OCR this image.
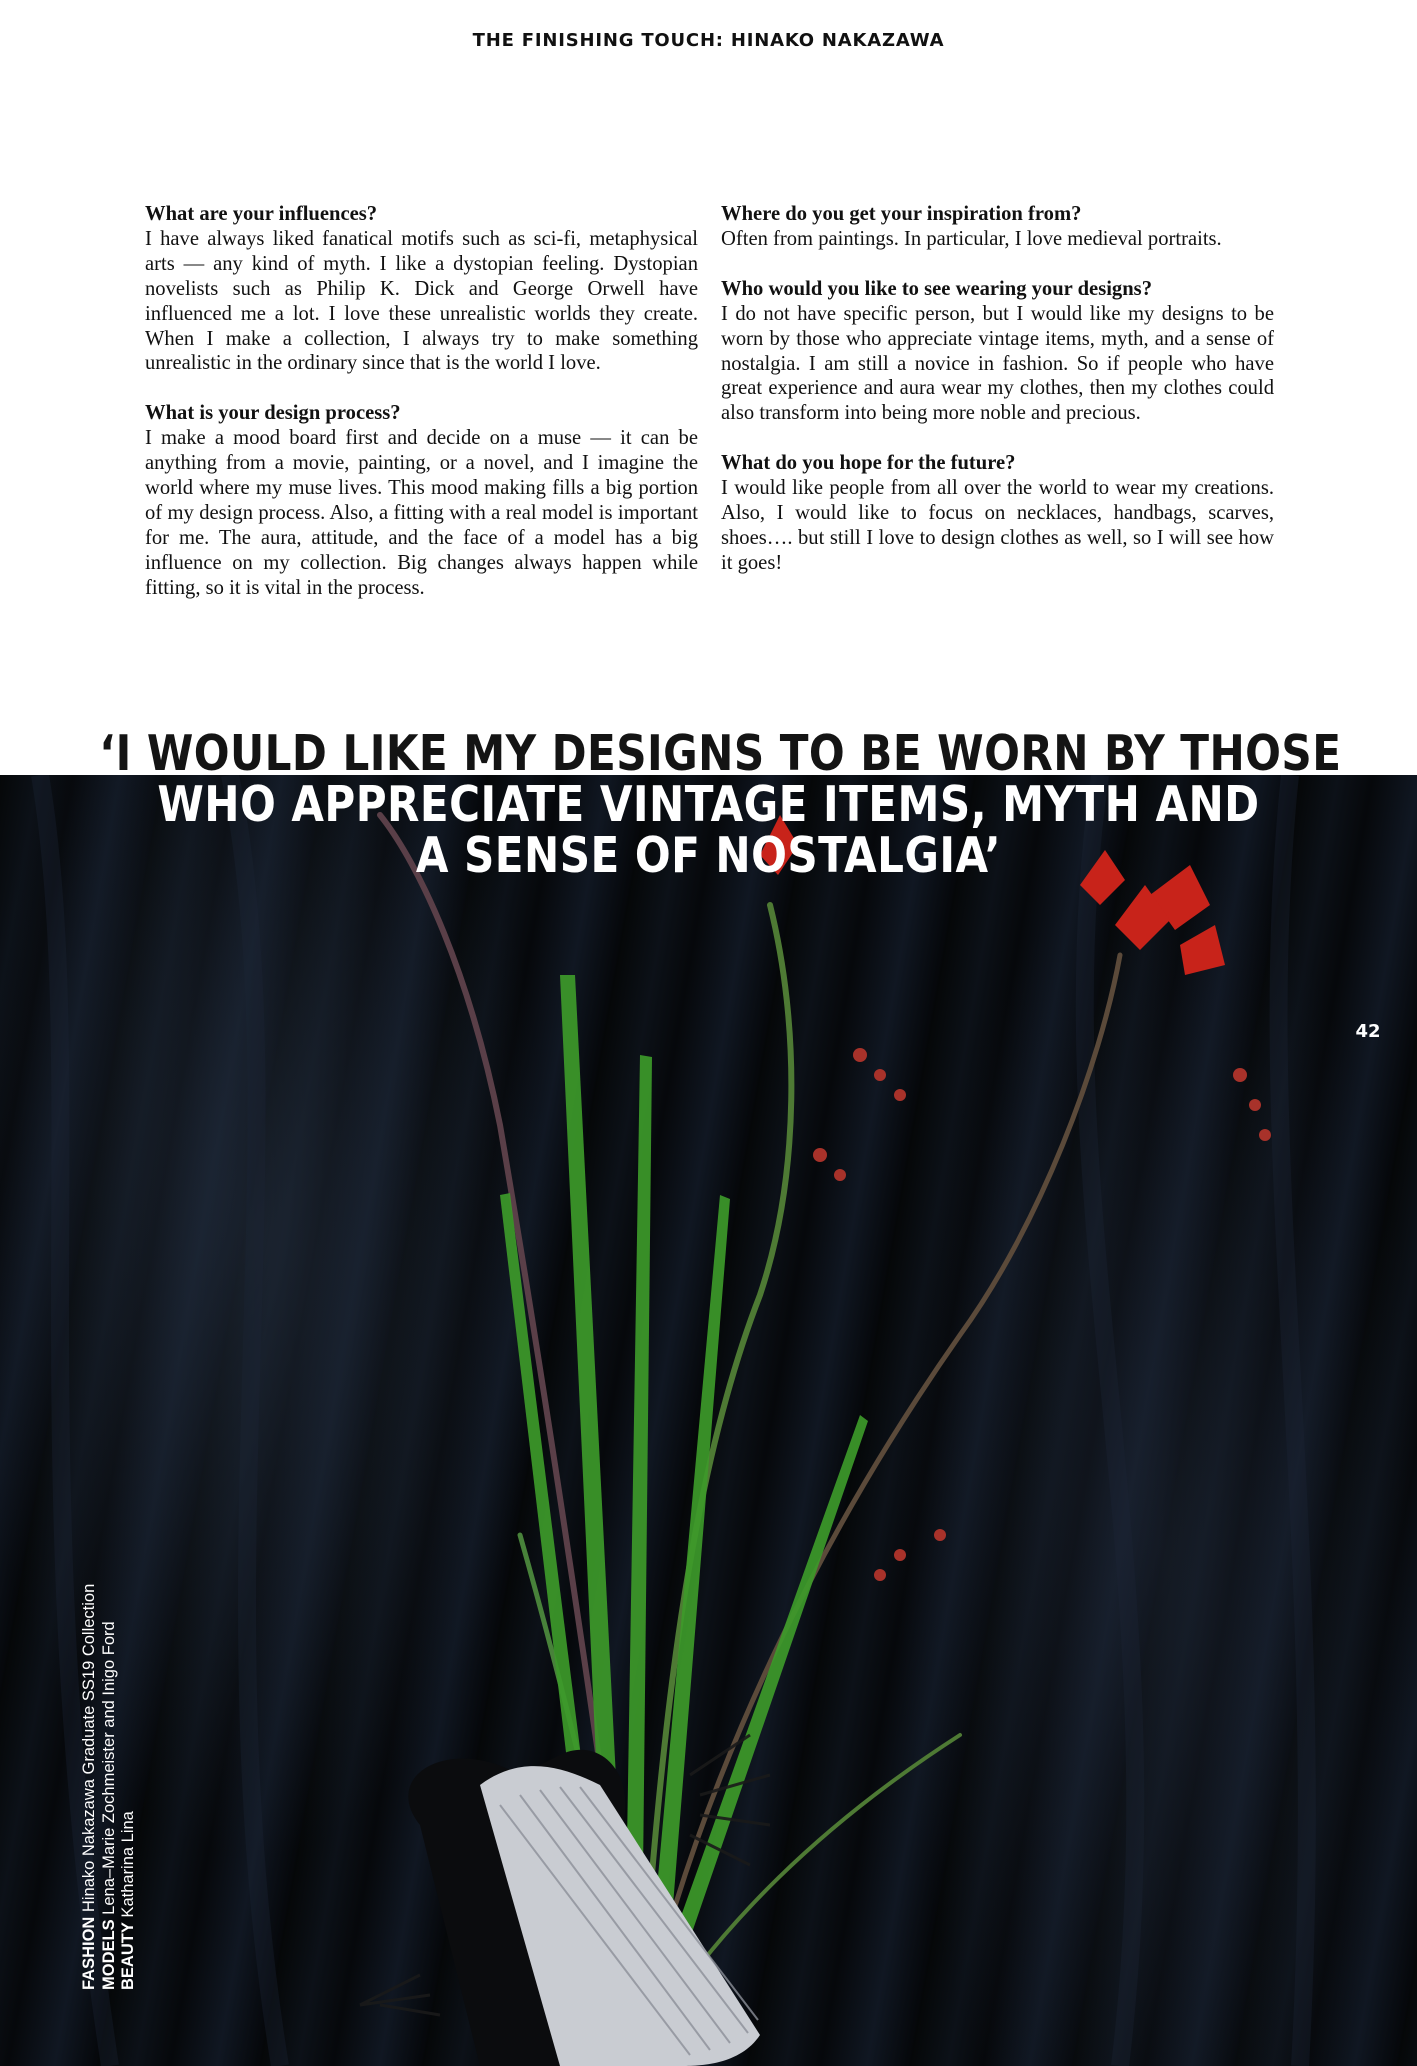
THE FINISHING TOUCH: HINAKO NAKAZAWA

What are your influences?

I have always liked fanatical motifs such as sci-fi, metaphysical arts — any kind of myth. I like a dystopian feeling. Dystopian novelists such as Philip K. Dick and George Orwell have influenced me a lot. I love these unrealistic worlds they create. When I make a collection, I always try to make something unrealistic in the ordinary since that is the world I love.

What is your design process?

I make a mood board first and decide on a muse — it can be anything from a movie, painting, or a novel, and I imagine the world where my muse lives. This mood making fills a big portion of my design process. Also, a fitting with a real model is important for me. The aura, attitude, and the face of a model has a big influence on my collection. Big changes always happen while fitting, so it is vital in the process.

Where do you get your inspiration from?

Often from paintings. In particular, I love medieval portraits.

Who would you like to see wearing your designs?

I do not have specific person, but I would like my designs to be worn by those who appreciate vintage items, myth, and a sense of nostalgia. I am still a novice in fashion. So if people who have great experience and aura wear my clothes, then my clothes could also transform into being more noble and precious.

What do you hope for the future?

I would like people from all over the world to wear my creations. Also, I would like to focus on necklaces, handbags, scarves, shoes…. but still I love to design clothes as well, so I will see how it goes!

‘I WOULD LIKE MY DESIGNS TO BE WORN BY THOSE
WHO APPRECIATE VINTAGE ITEMS, MYTH AND
A SENSE OF NOSTALGIA’
42
FASHION Hinako Nakazawa Graduate SS19 Collection
MODELS Lena–Marie Zochmeister and Inigo Ford
BEAUTY Katharina Lina
